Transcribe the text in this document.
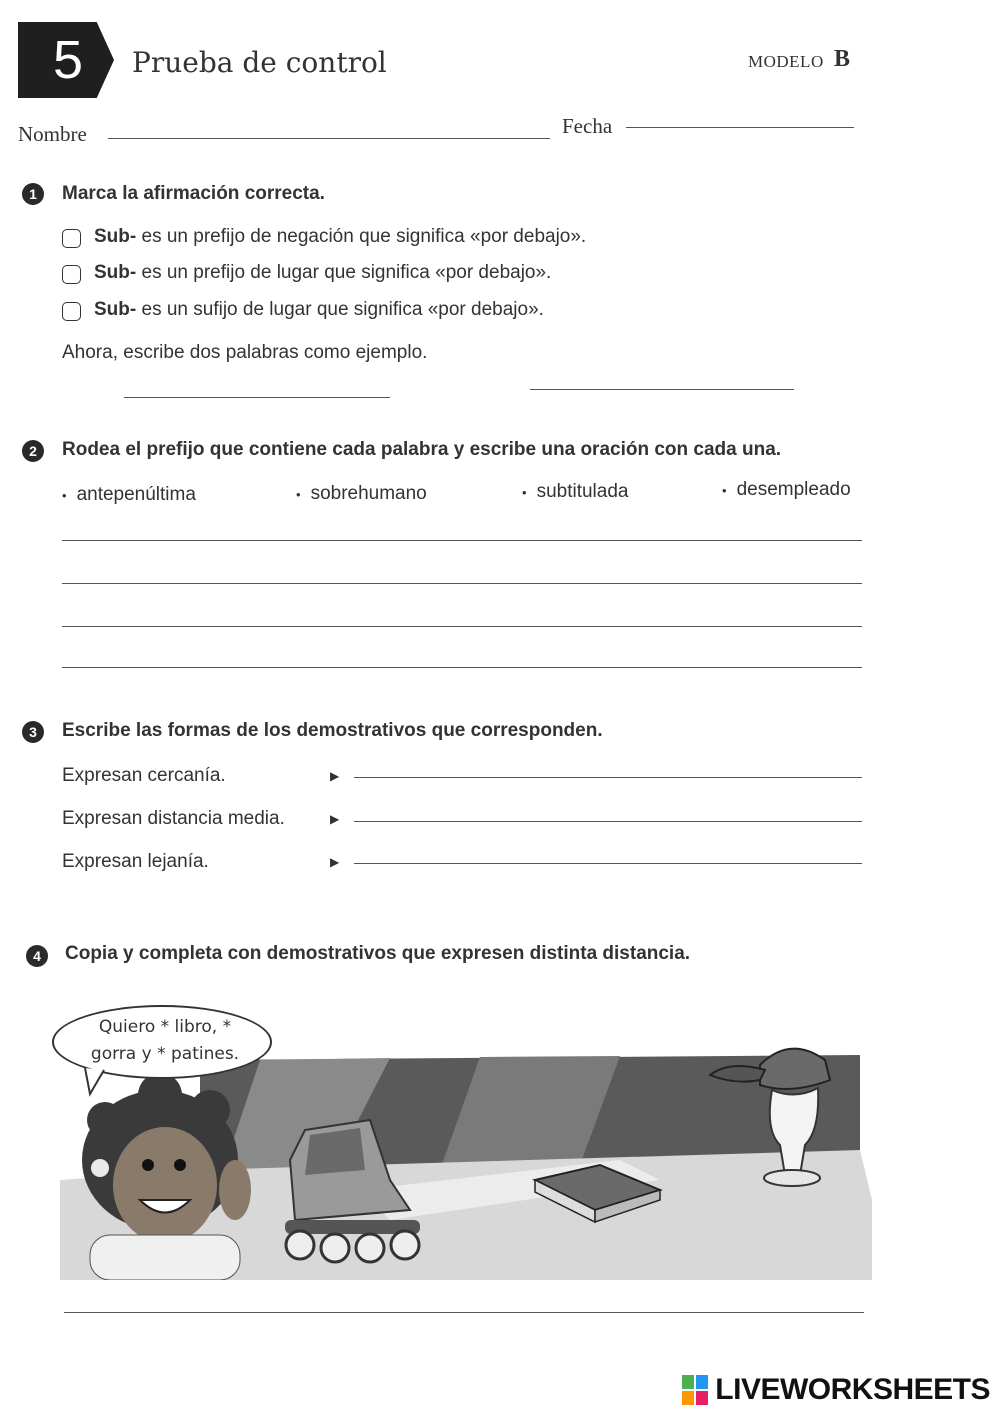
5	Prueba de control	MODELO B
Nombre	Fecha
1	Marca la afirmación correcta.
Sub- es un prefijo de negación que significa «por debajo».
Sub- es un prefijo de lugar que significa «por debajo».
Sub- es un sufijo de lugar que significa «por debajo».
Ahora, escribe dos palabras como ejemplo.
2	Rodea el prefijo que contiene cada palabra y escribe una oración con cada una.
• antepenúltima	• sobrehumano	• subtitulada	• desempleado
3	Escribe las formas de los demostrativos que corresponden.
Expresan cercanía.	▶
Expresan distancia media.	▶
Expresan lejanía.	▶
4	Copia y completa con demostrativos que expresen distinta distancia.
Quiero * libro, *
gorra y * patines.
LIVEWORKSHEETS
